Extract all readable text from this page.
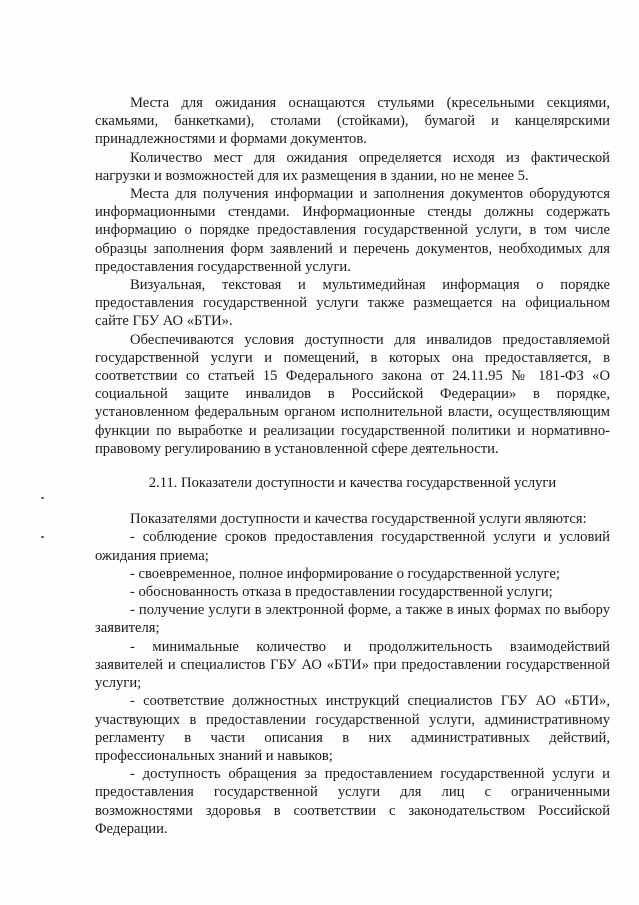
Места для ожидания оснащаются стульями (кресельными секциями, скамьями, банкетками), столами (стойками), бумагой и канцелярскими принадлежностями и формами документов.

Количество мест для ожидания определяется исходя из фактической нагрузки и возможностей для их размещения в здании, но не менее 5.

Места для получения информации и заполнения документов оборудуются информационными стендами. Информационные стенды должны содержать информацию о порядке предоставления государственной услуги, в том числе образцы заполнения форм заявлений и перечень документов, необходимых для предоставления государственной услуги.

Визуальная, текстовая и мультимедийная информация о порядке предоставления государственной услуги также размещается на официальном сайте ГБУ АО «БТИ».

Обеспечиваются условия доступности для инвалидов предоставляемой государственной услуги и помещений, в которых она предоставляется, в соответствии со статьей 15 Федерального закона от 24.11.95 № 181-ФЗ «О социальной защите инвалидов в Российской Федерации» в порядке, установленном федеральным органом исполнительной власти, осуществляющим функции по выработке и реализации государственной политики и нормативно-правовому регулированию в установленной сфере деятельности.

2.11. Показатели доступности и качества государственной услуги

Показателями доступности и качества государственной услуги являются:

- соблюдение сроков предоставления государственной услуги и условий ожидания приема;

- своевременное, полное информирование о государственной услуге;

- обоснованность отказа в предоставлении государственной услуги;

- получение услуги в электронной форме, а также в иных формах по выбору заявителя;

- минимальные количество и продолжительность взаимодействий заявителей и специалистов ГБУ АО «БТИ» при предоставлении государственной услуги;

- соответствие должностных инструкций специалистов ГБУ АО «БТИ», участвующих в предоставлении государственной услуги, административному регламенту в части описания в них административных действий, профессиональных знаний и навыков;

- доступность обращения за предоставлением государственной услуги и предоставления государственной услуги для лиц с ограниченными возможностями здоровья в соответствии с законодательством Российской Федерации.
